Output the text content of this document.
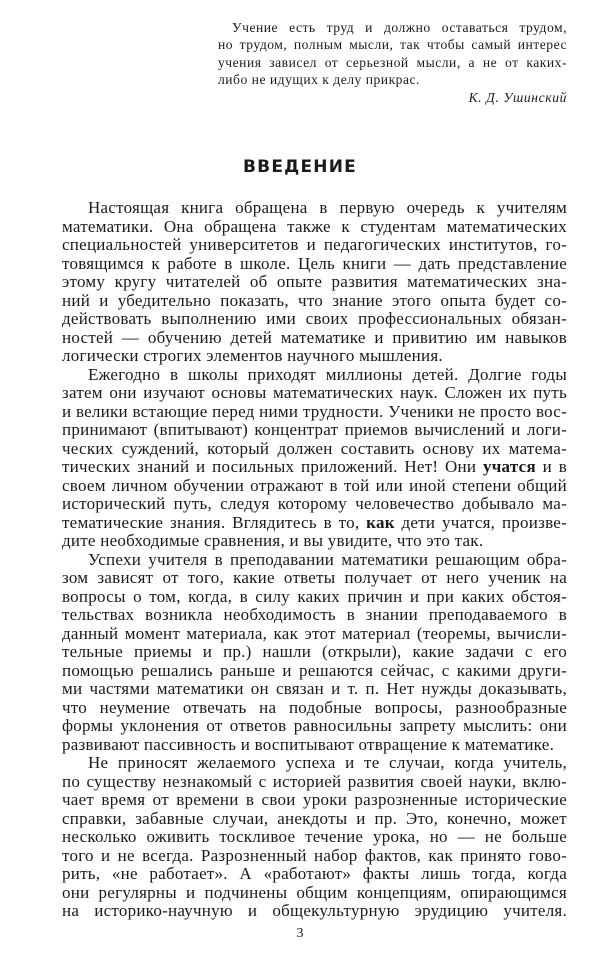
Учение есть труд и должно оставаться трудом,
но трудом, полным мысли, так чтобы самый интерес
учения зависел от серьезной мысли, а не от каких-
либо не идущих к делу прикрас.
К. Д. Ушинский
ВВЕДЕНИЕ
Настоящая книга обращена в первую очередь к учителям
математики. Она обращена также к студентам математических
специальностей университетов и педагогических институтов, го-
товящимся к работе в школе. Цель книги — дать представление
этому кругу читателей об опыте развития математических зна-
ний и убедительно показать, что знание этого опыта будет со-
действовать выполнению ими своих профессиональных обязан-
ностей — обучению детей математике и привитию им навыков
логически строгих элементов научного мышления.
Ежегодно в школы приходят миллионы детей. Долгие годы
затем они изучают основы математических наук. Сложен их путь
и велики встающие перед ними трудности. Ученики не просто вос-
принимают (впитывают) концентрат приемов вычислений и логи-
ческих суждений, который должен составить основу их матема-
тических знаний и посильных приложений. Нет! Они учатся и в
своем личном обучении отражают в той или иной степени общий
исторический путь, следуя которому человечество добывало ма-
тематические знания. Вглядитесь в то, как дети учатся, произве-
дите необходимые сравнения, и вы увидите, что это так.
Успехи учителя в преподавании математики решающим обра-
зом зависят от того, какие ответы получает от него ученик на
вопросы о том, когда, в силу каких причин и при каких обстоя-
тельствах возникла необходимость в знании преподаваемого в
данный момент материала, как этот материал (теоремы, вычисли-
тельные приемы и пр.) нашли (открыли), какие задачи с его
помощью решались раньше и решаются сейчас, с какими други-
ми частями математики он связан и т. п. Нет нужды доказывать,
что неумение отвечать на подобные вопросы, разнообразные
формы уклонения от ответов равносильны запрету мыслить: они
развивают пассивность и воспитывают отвращение к математике.
Не приносят желаемого успеха и те случаи, когда учитель,
по существу незнакомый с историей развития своей науки, вклю-
чает время от времени в свои уроки разрозненные исторические
справки, забавные случаи, анекдоты и пр. Это, конечно, может
несколько оживить тоскливое течение урока, но — не больше
того и не всегда. Разрозненный набор фактов, как принято гово-
рить, «не работает». А «работают» факты лишь тогда, когда
они регулярны и подчинены общим концепциям, опирающимся
на историко-научную и общекультурную эрудицию учителя.
3
